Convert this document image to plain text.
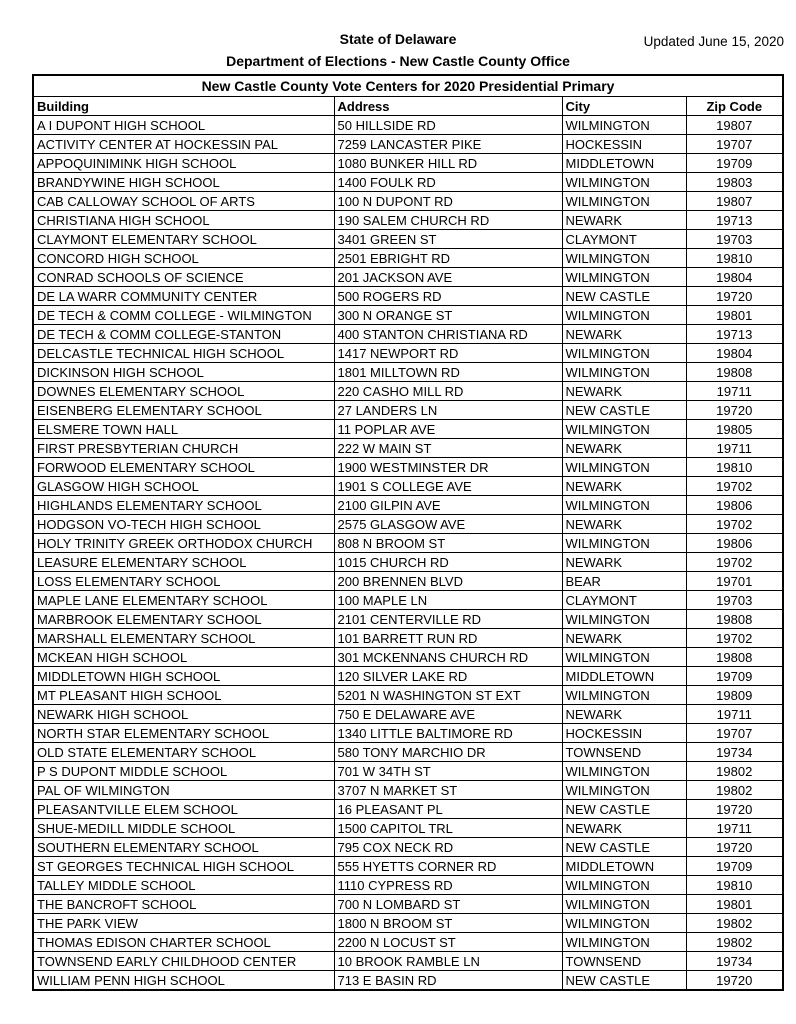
State of Delaware	Updated June 15, 2020
Department of Elections - New Castle County Office
New Castle County Vote Centers for 2020 Presidential Primary			
Building	Address	City	Zip Code
A I DUPONT HIGH SCHOOL	50 HILLSIDE RD	WILMINGTON	19807
ACTIVITY CENTER AT HOCKESSIN PAL	7259 LANCASTER PIKE	HOCKESSIN	19707
APPOQUINIMINK HIGH SCHOOL	1080 BUNKER HILL RD	MIDDLETOWN	19709
BRANDYWINE HIGH SCHOOL	1400 FOULK RD	WILMINGTON	19803
CAB CALLOWAY SCHOOL OF ARTS	100 N DUPONT RD	WILMINGTON	19807
CHRISTIANA HIGH SCHOOL	190 SALEM CHURCH RD	NEWARK	19713
CLAYMONT ELEMENTARY SCHOOL	3401 GREEN ST	CLAYMONT	19703
CONCORD HIGH SCHOOL	2501 EBRIGHT RD	WILMINGTON	19810
CONRAD SCHOOLS OF SCIENCE	201 JACKSON AVE	WILMINGTON	19804
DE LA WARR COMMUNITY CENTER	500 ROGERS RD	NEW CASTLE	19720
DE TECH & COMM COLLEGE - WILMINGTON	300 N ORANGE ST	WILMINGTON	19801
DE TECH & COMM COLLEGE-STANTON	400 STANTON CHRISTIANA RD	NEWARK	19713
DELCASTLE TECHNICAL HIGH SCHOOL	1417 NEWPORT RD	WILMINGTON	19804
DICKINSON HIGH SCHOOL	1801 MILLTOWN RD	WILMINGTON	19808
DOWNES ELEMENTARY SCHOOL	220 CASHO MILL RD	NEWARK	19711
EISENBERG ELEMENTARY SCHOOL	27 LANDERS LN	NEW CASTLE	19720
ELSMERE TOWN HALL	11 POPLAR AVE	WILMINGTON	19805
FIRST PRESBYTERIAN CHURCH	222 W MAIN ST	NEWARK	19711
FORWOOD ELEMENTARY SCHOOL	1900 WESTMINSTER DR	WILMINGTON	19810
GLASGOW HIGH SCHOOL	1901 S COLLEGE AVE	NEWARK	19702
HIGHLANDS ELEMENTARY SCHOOL	2100 GILPIN AVE	WILMINGTON	19806
HODGSON VO-TECH HIGH SCHOOL	2575 GLASGOW AVE	NEWARK	19702
HOLY TRINITY GREEK ORTHODOX CHURCH	808 N BROOM ST	WILMINGTON	19806
LEASURE ELEMENTARY SCHOOL	1015 CHURCH RD	NEWARK	19702
LOSS ELEMENTARY SCHOOL	200 BRENNEN BLVD	BEAR	19701
MAPLE LANE ELEMENTARY SCHOOL	100 MAPLE LN	CLAYMONT	19703
MARBROOK ELEMENTARY SCHOOL	2101 CENTERVILLE RD	WILMINGTON	19808
MARSHALL ELEMENTARY SCHOOL	101 BARRETT RUN RD	NEWARK	19702
MCKEAN HIGH SCHOOL	301 MCKENNANS CHURCH RD	WILMINGTON	19808
MIDDLETOWN HIGH SCHOOL	120 SILVER LAKE RD	MIDDLETOWN	19709
MT PLEASANT HIGH SCHOOL	5201 N WASHINGTON ST EXT	WILMINGTON	19809
NEWARK HIGH SCHOOL	750 E DELAWARE AVE	NEWARK	19711
NORTH STAR ELEMENTARY SCHOOL	1340 LITTLE BALTIMORE RD	HOCKESSIN	19707
OLD STATE ELEMENTARY SCHOOL	580 TONY MARCHIO DR	TOWNSEND	19734
P S DUPONT MIDDLE SCHOOL	701 W 34TH ST	WILMINGTON	19802
PAL OF WILMINGTON	3707 N MARKET ST	WILMINGTON	19802
PLEASANTVILLE ELEM SCHOOL	16 PLEASANT PL	NEW CASTLE	19720
SHUE-MEDILL MIDDLE SCHOOL	1500 CAPITOL TRL	NEWARK	19711
SOUTHERN ELEMENTARY SCHOOL	795 COX NECK RD	NEW CASTLE	19720
ST GEORGES TECHNICAL HIGH SCHOOL	555 HYETTS CORNER RD	MIDDLETOWN	19709
TALLEY MIDDLE SCHOOL	1110 CYPRESS RD	WILMINGTON	19810
THE BANCROFT SCHOOL	700 N LOMBARD ST	WILMINGTON	19801
THE PARK VIEW	1800 N BROOM ST	WILMINGTON	19802
THOMAS EDISON CHARTER SCHOOL	2200 N LOCUST ST	WILMINGTON	19802
TOWNSEND EARLY CHILDHOOD CENTER	10 BROOK RAMBLE LN	TOWNSEND	19734
WILLIAM PENN HIGH SCHOOL	713 E BASIN RD	NEW CASTLE	19720
